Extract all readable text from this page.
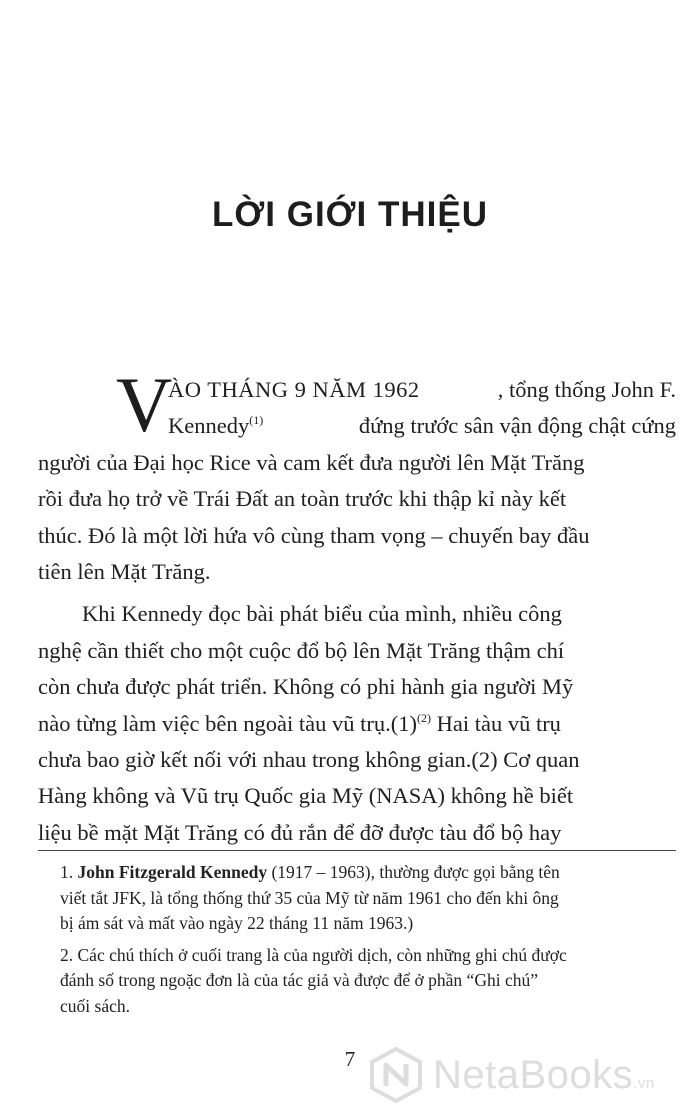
LỜI GIỚI THIỆU
V
ÀO THÁNG 9 NĂM 1962	, tổng thống John F.
Kennedy$^{(1)}$	đứng trước sân vận động chật cứng
người của Đại học Rice và cam kết đưa người lên Mặt Trăng
rồi đưa họ trở về Trái Đất an toàn trước khi thập kỉ này kết
thúc. Đó là một lời hứa vô cùng tham vọng – chuyến bay đầu
tiên lên Mặt Trăng.
Khi Kennedy đọc bài phát biểu của mình, nhiều công
nghệ cần thiết cho một cuộc đổ bộ lên Mặt Trăng thậm chí
còn chưa được phát triển. Không có phi hành gia người Mỹ
nào từng làm việc bên ngoài tàu vũ $trụ.(1)^{(2)}$ Hai tàu vũ trụ
chưa bao giờ kết nối với nhau trong không gian.(2) Cơ quan
Hàng không và Vũ trụ Quốc gia Mỹ (NASA) không hề biết
liệu bề mặt Mặt Trăng có đủ rắn để đỡ được tàu đổ bộ hay
1. John Fitzgerald Kennedy (1917 – 1963), thường được gọi bằng tên
viết tắt JFK, là tổng thống thứ 35 của Mỹ từ năm 1961 cho đến khi ông
bị ám sát và mất vào ngày 22 tháng 11 năm 1963.)
2. Các chú thích ở cuối trang là của người dịch, còn những ghi chú được
đánh số trong ngoặc đơn là của tác giả và được để ở phần “Ghi chú”
cuối sách.
7	NetaBooks.vn
